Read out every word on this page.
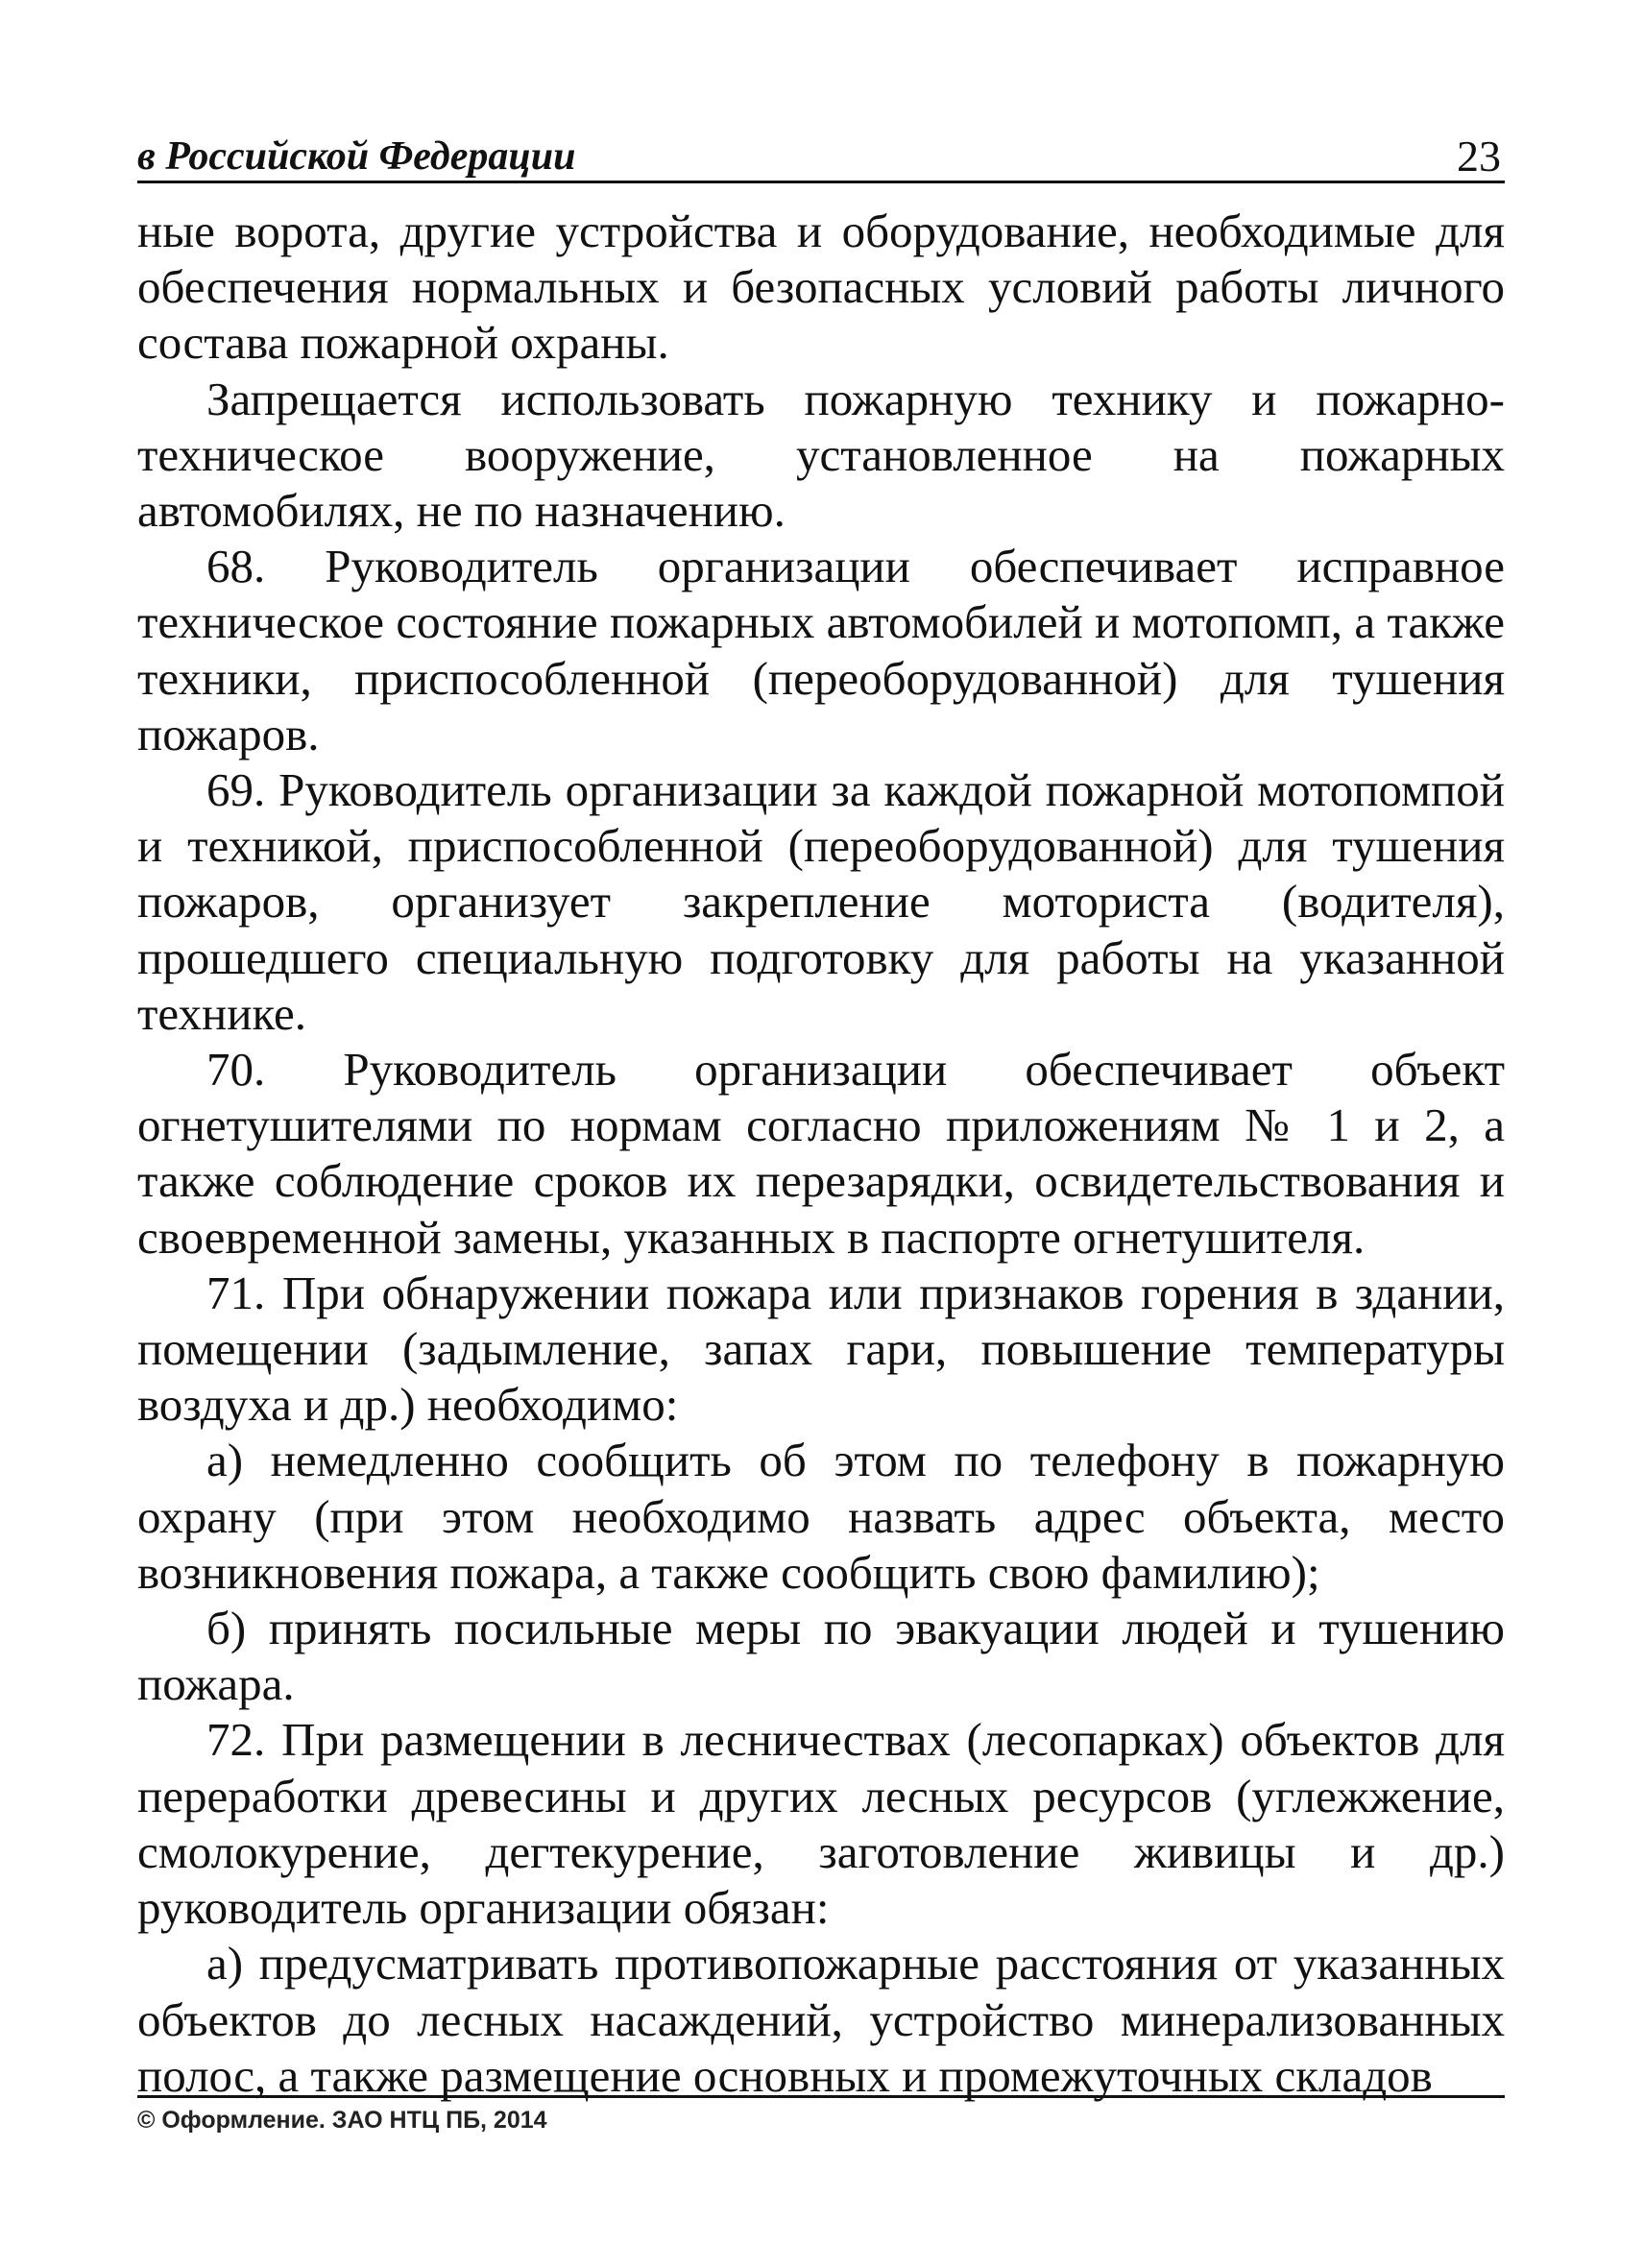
в Российской Федерации	23

ные ворота, другие устройства и оборудование, необходимые для обеспечения нормальных и безопасных условий работы личного состава пожарной охраны.

Запрещается использовать пожарную технику и пожарно-техническое вооружение, установленное на пожарных автомобилях, не по назначению.

68. Руководитель организации обеспечивает исправное техническое состояние пожарных автомобилей и мотопомп, а также техники, приспособленной (переоборудованной) для тушения пожаров.

69. Руководитель организации за каждой пожарной мотопомпой и техникой, приспособленной (переоборудованной) для тушения пожаров, организует закрепление моториста (водителя), прошедшего специальную подготовку для работы на указанной технике.

70. Руководитель организации обеспечивает объект огнетушителями по нормам согласно приложениям № 1 и 2, а также соблюдение сроков их перезарядки, освидетельствования и своевременной замены, указанных в паспорте огнетушителя.

71. При обнаружении пожара или признаков горения в здании, помещении (задымление, запах гари, повышение температуры воздуха и др.) необходимо:

а) немедленно сообщить об этом по телефону в пожарную охрану (при этом необходимо назвать адрес объекта, место возникновения пожара, а также сообщить свою фамилию);

б) принять посильные меры по эвакуации людей и тушению пожара.

72. При размещении в лесничествах (лесопарках) объектов для переработки древесины и других лесных ресурсов (углежжение, смолокурение, дегтекурение, заготовление живицы и др.) руководитель организации обязан:

а) предусматривать противопожарные расстояния от указанных объектов до лесных насаждений, устройство минерализованных полос, а также размещение основных и промежуточных складов

© Оформление. ЗАО НТЦ ПБ, 2014
